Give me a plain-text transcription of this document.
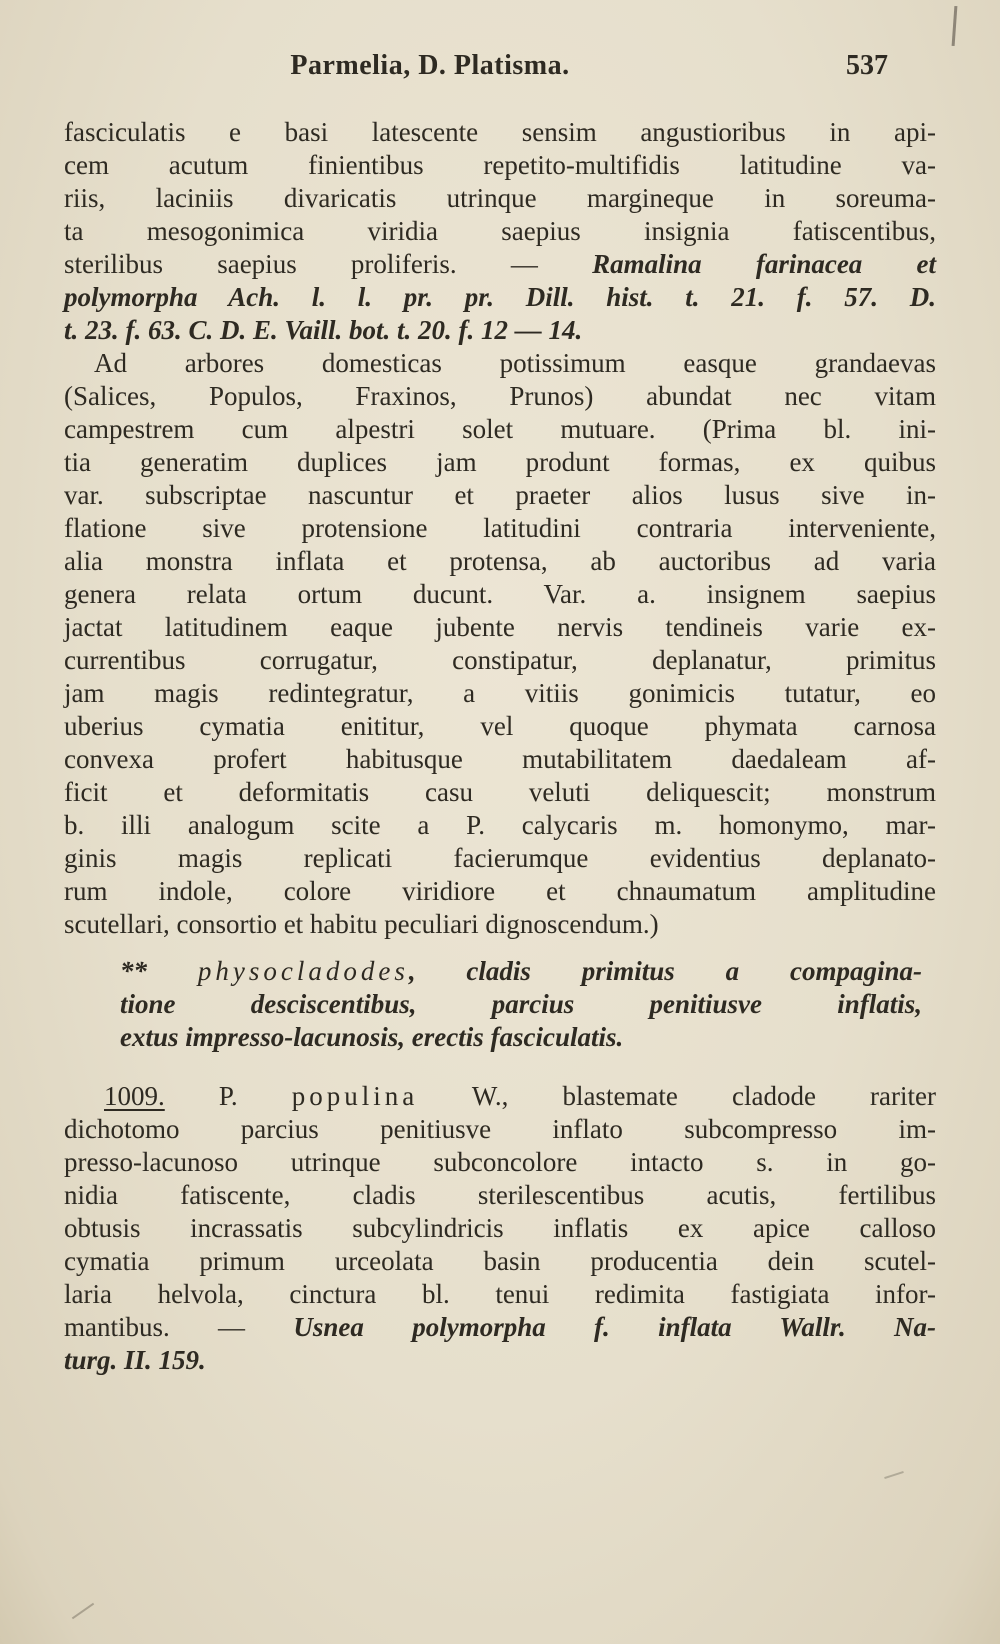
Parmelia, D. Platisma.	537
fasciculatis e basi latescente sensim angustioribus in api-
cem acutum finientibus repetito-multifidis latitudine va-
riis, laciniis divaricatis utrinque margineque in soreuma-
ta mesogonimica viridia saepius insignia fatiscentibus,
sterilibus saepius proliferis. — Ramalina farinacea et
polymorpha Ach. l. l. pr. pr. Dill. hist. t. 21. f. 57. D.
t. 23. f. 63. C. D. E. Vaill. bot. t. 20. f. 12 — 14.
Ad arbores domesticas potissimum easque grandaevas
(Salices, Populos, Fraxinos, Prunos) abundat nec vitam
campestrem cum alpestri solet mutuare. (Prima bl. ini-
tia generatim duplices jam produnt formas, ex quibus
var. subscriptae nascuntur et praeter alios lusus sive in-
flatione sive protensione latitudini contraria interveniente,
alia monstra inflata et protensa, ab auctoribus ad varia
genera relata ortum ducunt. Var. a. insignem saepius
jactat latitudinem eaque jubente nervis tendineis varie ex-
currentibus corrugatur, constipatur, deplanatur, primitus
jam magis redintegratur, a vitiis gonimicis tutatur, eo
uberius cymatia enititur, vel quoque phymata carnosa
convexa profert habitusque mutabilitatem daedaleam af-
ficit et deformitatis casu veluti deliquescit; monstrum
b. illi analogum scite a P. calycaris m. homonymo, mar-
ginis magis replicati facierumque evidentius deplanato-
rum indole, colore viridiore et chnaumatum amplitudine
scutellari, consortio et habitu peculiari dignoscendum.)
** physocladodes, cladis primitus a compagina-
tione desciscentibus, parcius penitiusve inflatis,
extus impresso-lacunosis, erectis fasciculatis.
1009. P. populina W., blastemate cladode rariter
dichotomo parcius penitiusve inflato subcompresso im-
presso-lacunoso utrinque subconcolore intacto s. in go-
nidia fatiscente, cladis sterilescentibus acutis, fertilibus
obtusis incrassatis subcylindricis inflatis ex apice calloso
cymatia primum urceolata basin producentia dein scutel-
laria helvola, cinctura bl. tenui redimita fastigiata infor-
mantibus. — Usnea polymorpha f. inflata Wallr. Na-
turg. II. 159.
